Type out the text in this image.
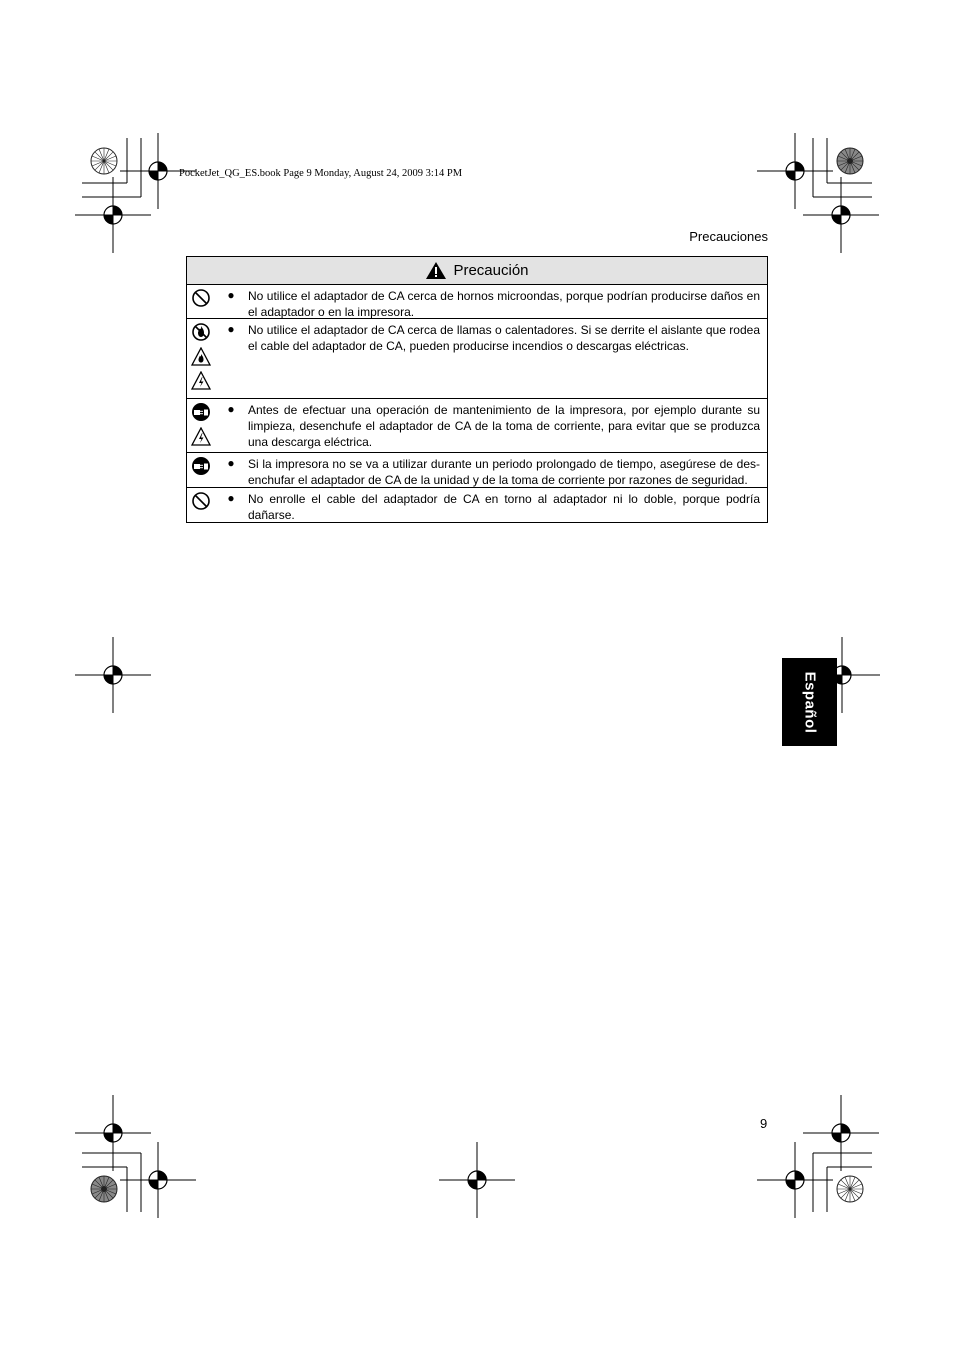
PocketJet_QG_ES.book Page 9 Monday, August 24, 2009 3:14 PM
Precauciones
Precaución
●	No utilice el adaptador de CA cerca de hornos microondas, porque podrían producirse daños en el adaptador o en la impresora.
●	No utilice el adaptador de CA cerca de llamas o calentadores. Si se derrite el aislante que rodea el cable del adaptador de CA, pueden producirse incendios o descargas eléctricas.
●	Antes de efectuar una operación de mantenimiento de la impresora, por ejemplo durante su limpieza, desenchufe el adaptador de CA de la toma de corriente, para evitar que se produzca una descarga eléctrica.
●	Si la impresora no se va a utilizar durante un periodo prolongado de tiempo, asegúrese de des-enchufar el adaptador de CA de la unidad y de la toma de corriente por razones de seguridad.
●	No enrolle el cable del adaptador de CA en torno al adaptador ni lo doble, porque podría dañarse.
Español
9
